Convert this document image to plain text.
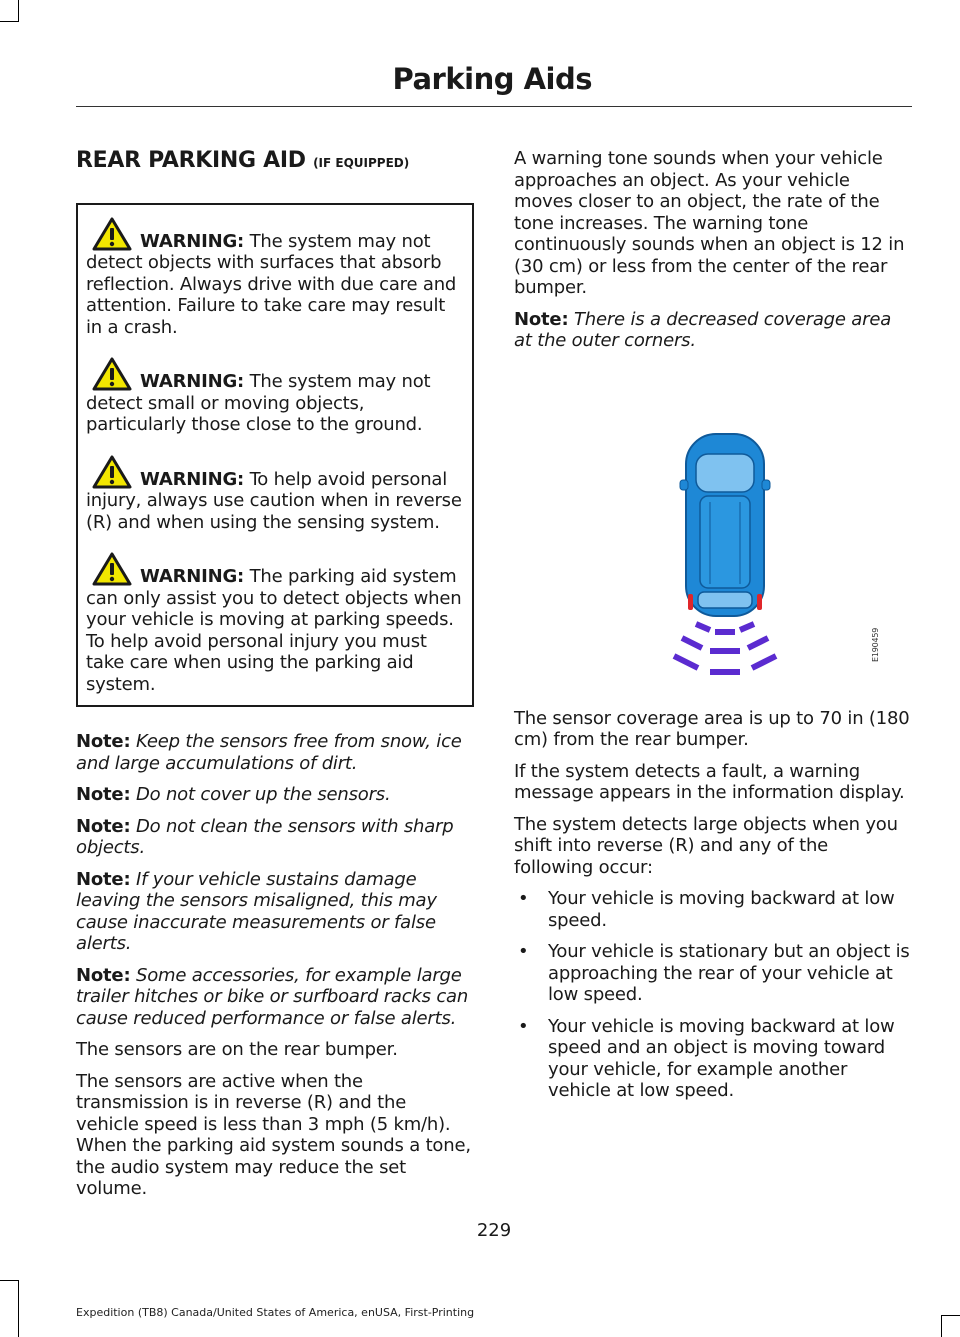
Parking Aids
REAR PARKING AID (IF EQUIPPED)

WARNING: The system may not detect objects with surfaces that absorb reflection. Always drive with due care and attention. Failure to take care may result in a crash.

WARNING: The system may not detect small or moving objects, particularly those close to the ground.

WARNING: To help avoid personal injury, always use caution when in reverse (R) and when using the sensing system.

WARNING: The parking aid system can only assist you to detect objects when your vehicle is moving at parking speeds. To help avoid personal injury you must take care when using the parking aid system.

Note: Keep the sensors free from snow, ice and large accumulations of dirt.

Note: Do not cover up the sensors.

Note: Do not clean the sensors with sharp objects.

Note: If your vehicle sustains damage leaving the sensors misaligned, this may cause inaccurate measurements or false alerts.

Note: Some accessories, for example large trailer hitches or bike or surfboard racks can cause reduced performance or false alerts.

The sensors are on the rear bumper.

The sensors are active when the transmission is in reverse (R) and the vehicle speed is less than 3 mph (5 km/h). When the parking aid system sounds a tone, the audio system may reduce the set volume.

A warning tone sounds when your vehicle approaches an object. As your vehicle moves closer to an object, the rate of the tone increases. The warning tone continuously sounds when an object is 12 in (30 cm) or less from the center of the rear bumper.

Note: There is a decreased coverage area at the outer corners.

E190459

The sensor coverage area is up to 70 in (180 cm) from the rear bumper.

If the system detects a fault, a warning message appears in the information display.

The system detects large objects when you shift into reverse (R) and any of the following occur:

• Your vehicle is moving backward at low speed.
• Your vehicle is stationary but an object is approaching the rear of your vehicle at low speed.
• Your vehicle is moving backward at low speed and an object is moving toward your vehicle, for example another vehicle at low speed.
229
Expedition (TB8) Canada/United States of America, enUSA, First-Printing
